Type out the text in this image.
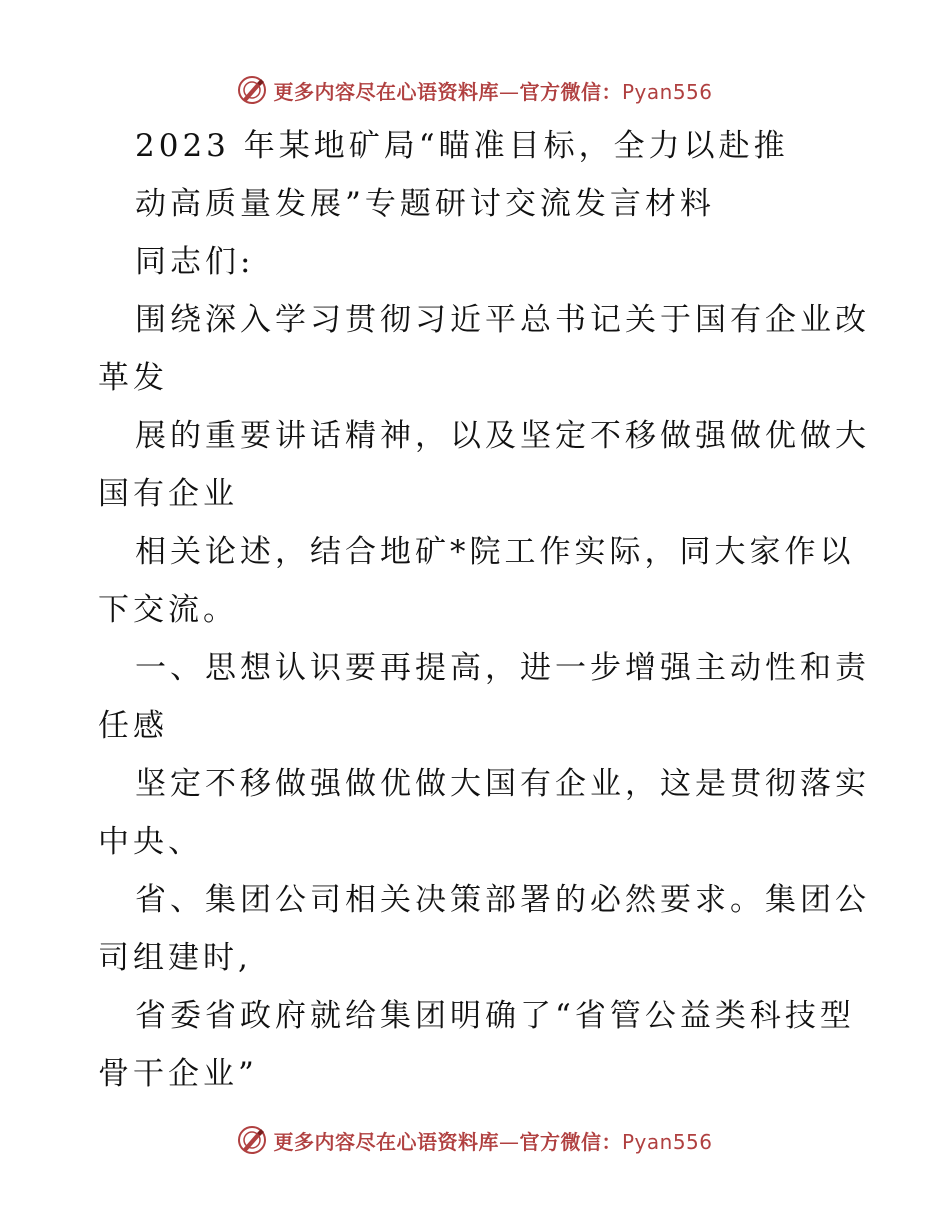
更多内容尽在心语资料库—官方微信：Pyan556
2023 年某地矿局“瞄准目标，全力以赴推
动高质量发展”专题研讨交流发言材料
同志们:
围绕深入学习贯彻习近平总书记关于国有企业改
革发
展的重要讲话精神，以及坚定不移做强做优做大
国有企业
相关论述，结合地矿*院工作实际，同大家作以
下交流。
一、思想认识要再提高，进一步增强主动性和责
任感
坚定不移做强做优做大国有企业，这是贯彻落实
中央、
省、集团公司相关决策部署的必然要求。集团公
司组建时,
省委省政府就给集团明确了“省管公益类科技型
骨干企业”
更多内容尽在心语资料库—官方微信：Pyan556
